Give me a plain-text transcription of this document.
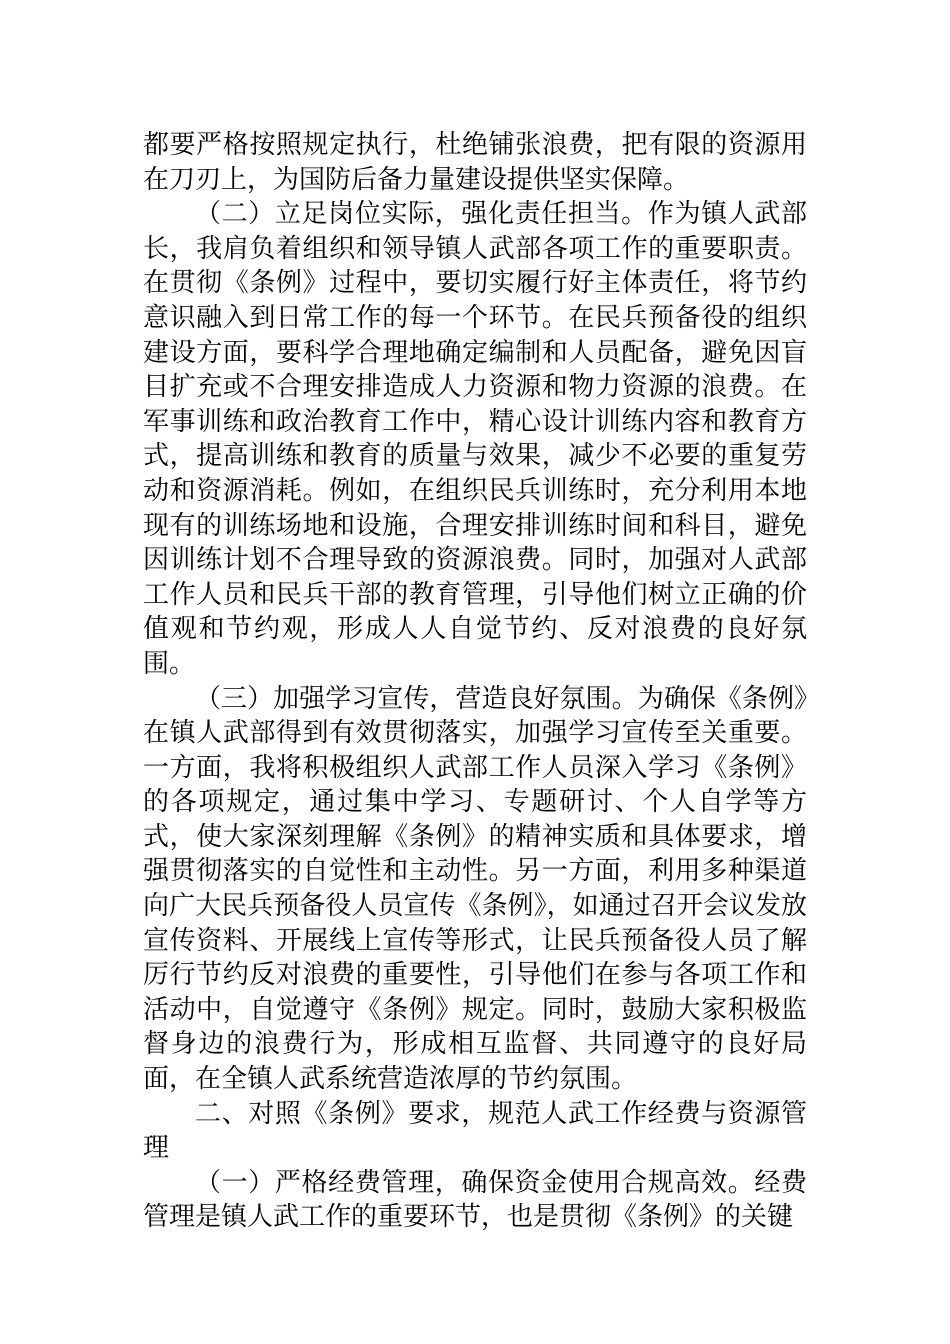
都要严格按照规定执行，杜绝铺张浪费，把有限的资源用在刀刃上，为国防后备力量建设提供坚实保障。

（二）立足岗位实际，强化责任担当。作为镇人武部长，我肩负着组织和领导镇人武部各项工作的重要职责。在贯彻《条例》过程中，要切实履行好主体责任，将节约意识融入到日常工作的每一个环节。在民兵预备役的组织建设方面，要科学合理地确定编制和人员配备，避免因盲目扩充或不合理安排造成人力资源和物力资源的浪费。在军事训练和政治教育工作中，精心设计训练内容和教育方式，提高训练和教育的质量与效果，减少不必要的重复劳动和资源消耗。例如，在组织民兵训练时，充分利用本地现有的训练场地和设施，合理安排训练时间和科目，避免因训练计划不合理导致的资源浪费。同时，加强对人武部工作人员和民兵干部的教育管理，引导他们树立正确的价值观和节约观，形成人人自觉节约、反对浪费的良好氛围。

（三）加强学习宣传，营造良好氛围。为确保《条例》在镇人武部得到有效贯彻落实，加强学习宣传至关重要。一方面，我将积极组织人武部工作人员深入学习《条例》的各项规定，通过集中学习、专题研讨、个人自学等方式，使大家深刻理解《条例》的精神实质和具体要求，增强贯彻落实的自觉性和主动性。另一方面，利用多种渠道向广大民兵预备役人员宣传《条例》，如通过召开会议发放宣传资料、开展线上宣传等形式，让民兵预备役人员了解厉行节约反对浪费的重要性，引导他们在参与各项工作和活动中，自觉遵守《条例》规定。同时，鼓励大家积极监督身边的浪费行为，形成相互监督、共同遵守的良好局面，在全镇人武系统营造浓厚的节约氛围。

二、对照《条例》要求，规范人武工作经费与资源管理

（一）严格经费管理，确保资金使用合规高效。经费管理是镇人武工作的重要环节，也是贯彻《条例》的关键
